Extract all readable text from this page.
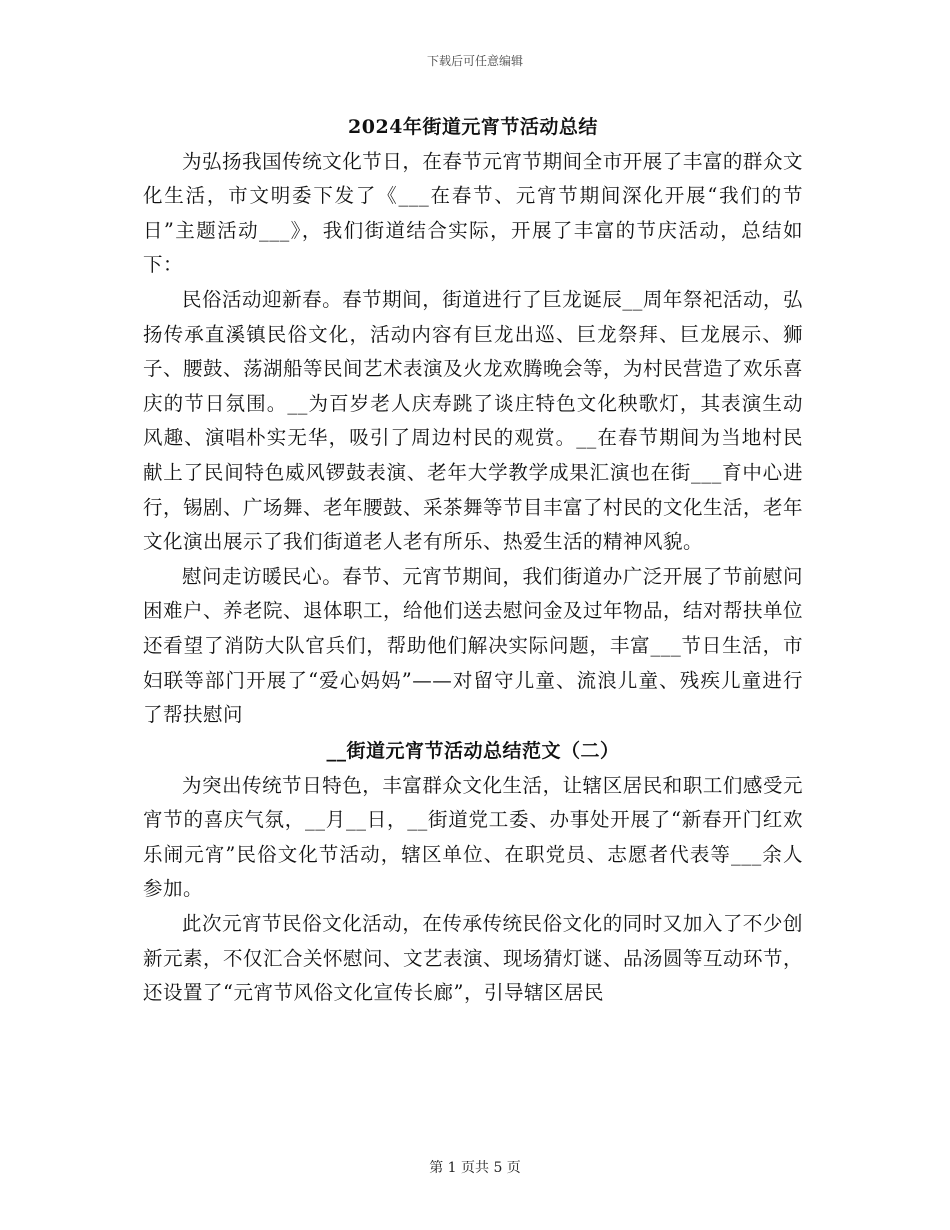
下载后可任意编辑
2024年街道元宵节活动总结

为弘扬我国传统文化节日，在春节元宵节期间全市开展了丰富的群众文化生活，市文明委下发了《___在春节、元宵节期间深化开展“我们的节日”主题活动___》，我们街道结合实际，开展了丰富的节庆活动，总结如下：

民俗活动迎新春。春节期间，街道进行了巨龙诞辰__周年祭祀活动，弘扬传承直溪镇民俗文化，活动内容有巨龙出巡、巨龙祭拜、巨龙展示、狮子、腰鼓、荡湖船等民间艺术表演及火龙欢腾晚会等，为村民营造了欢乐喜庆的节日氛围。__为百岁老人庆寿跳了谈庄特色文化秧歌灯，其表演生动风趣、演唱朴实无华，吸引了周边村民的观赏。__在春节期间为当地村民献上了民间特色威风锣鼓表演、老年大学教学成果汇演也在街___育中心进行，锡剧、广场舞、老年腰鼓、采茶舞等节目丰富了村民的文化生活，老年文化演出展示了我们街道老人老有所乐、热爱生活的精神风貌。

慰问走访暖民心。春节、元宵节期间，我们街道办广泛开展了节前慰问困难户、养老院、退体职工，给他们送去慰问金及过年物品，结对帮扶单位还看望了消防大队官兵们，帮助他们解决实际问题，丰富___节日生活，市妇联等部门开展了“爱心妈妈”——对留守儿童、流浪儿童、残疾儿童进行了帮扶慰问

__街道元宵节活动总结范文（二）

为突出传统节日特色，丰富群众文化生活，让辖区居民和职工们感受元宵节的喜庆气氛，__月__日，__街道党工委、办事处开展了“新春开门红欢乐闹元宵”民俗文化节活动，辖区单位、在职党员、志愿者代表等___余人参加。

此次元宵节民俗文化活动，在传承传统民俗文化的同时又加入了不少创新元素，不仅汇合关怀慰问、文艺表演、现场猜灯谜、品汤圆等互动环节，还设置了“元宵节风俗文化宣传长廊”，引导辖区居民

第 1 页共 5 页
